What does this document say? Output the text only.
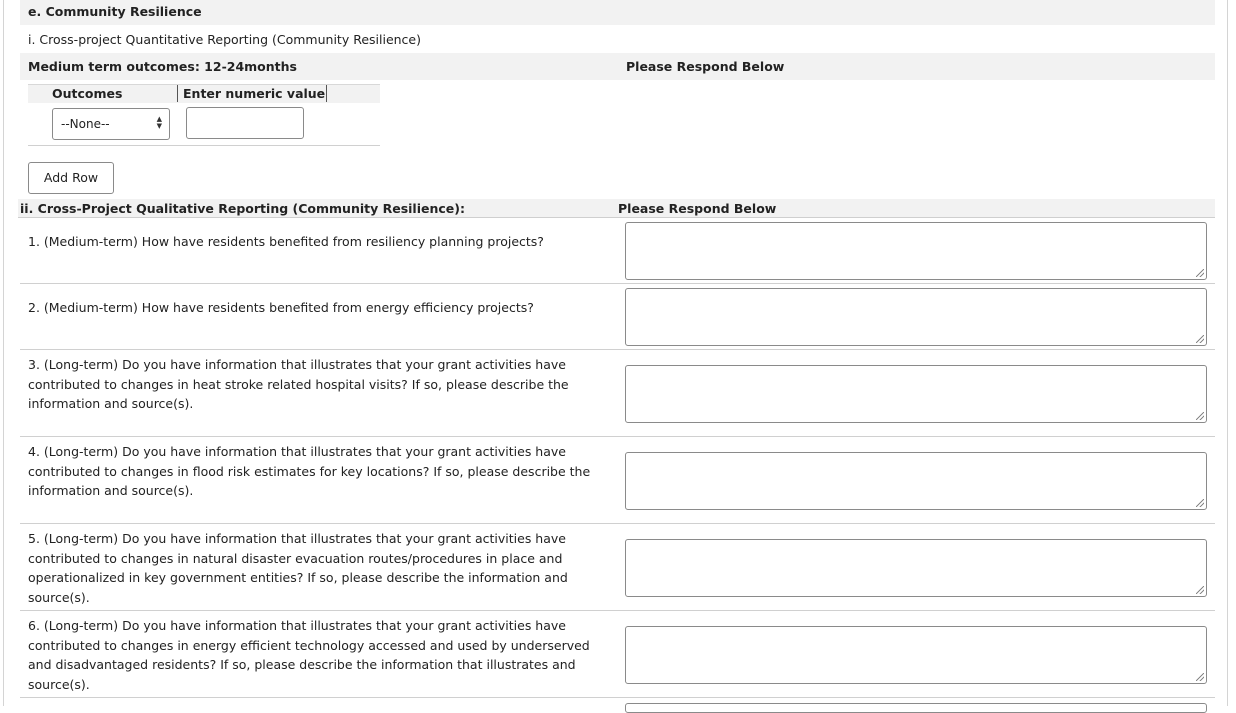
e. Community Resilience
i. Cross-project Quantitative Reporting (Community Resilience)
Medium term outcomes: 12-24months	Please Respond Below
Outcomes	Enter numeric value
--None--	▲
▼
Add Row
ii. Cross-Project Qualitative Reporting (Community Resilience):	Please Respond Below
1. (Medium-term) How have residents benefited from resiliency planning projects?
2. (Medium-term) How have residents benefited from energy efficiency projects?
3. (Long-term) Do you have information that illustrates that your grant activities have contributed to changes in heat stroke related hospital visits? If so, please describe the information and source(s).
4. (Long-term) Do you have information that illustrates that your grant activities have contributed to changes in flood risk estimates for key locations? If so, please describe the information and source(s).
5. (Long-term) Do you have information that illustrates that your grant activities have contributed to changes in natural disaster evacuation routes/procedures in place and operationalized in key government entities? If so, please describe the information and source(s).
6. (Long-term) Do you have information that illustrates that your grant activities have contributed to changes in energy efficient technology accessed and used by underserved and disadvantaged residents? If so, please describe the information that illustrates and source(s).
